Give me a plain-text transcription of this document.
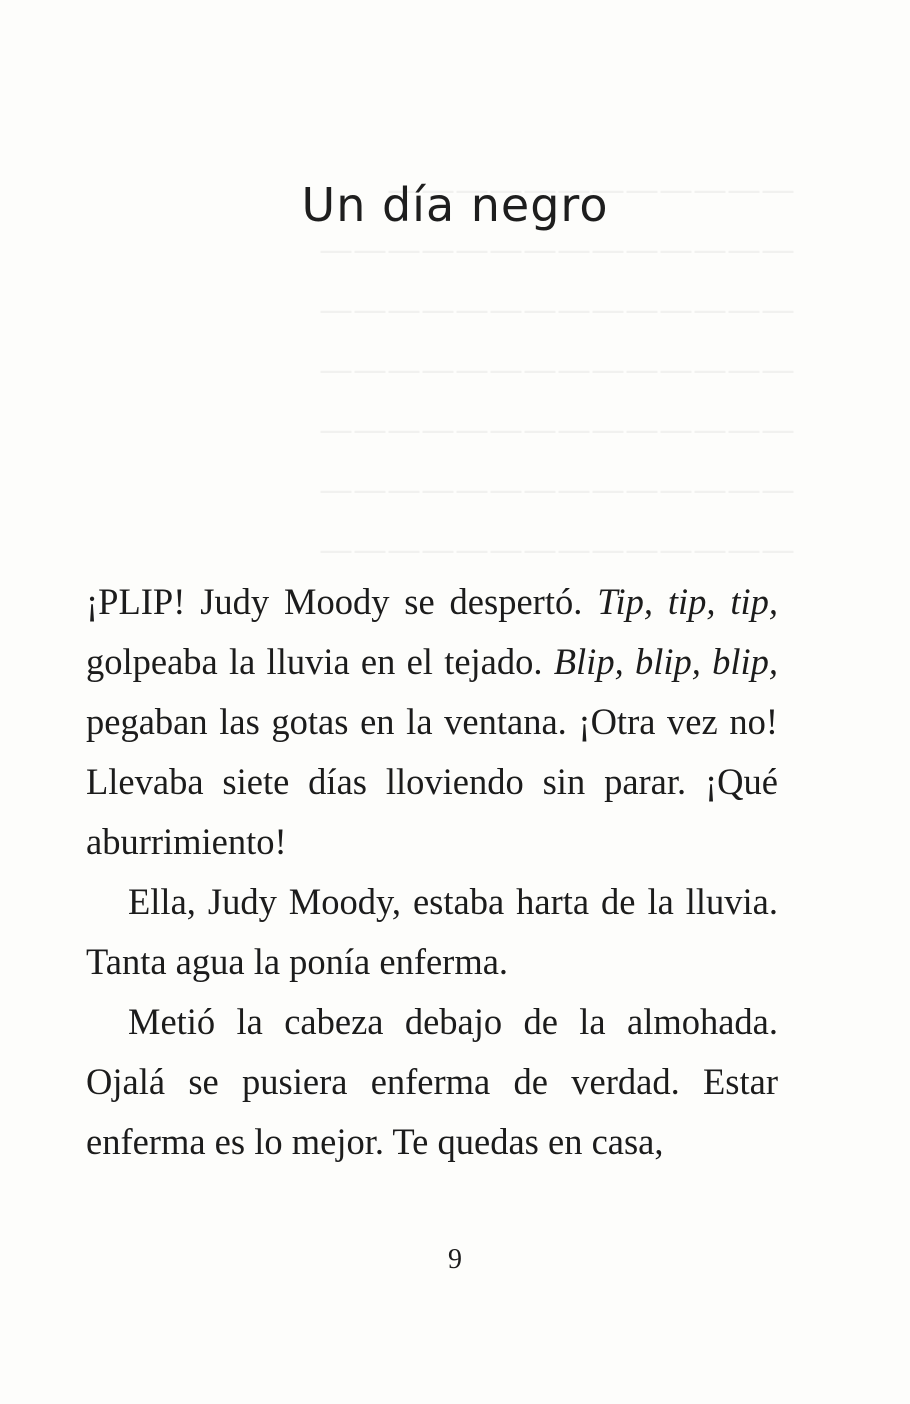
Un día negro

¡PLIP! Judy Moody se despertó. Tip, tip, tip, golpeaba la lluvia en el tejado. Blip, blip, blip, pegaban las gotas en la ventana. ¡Otra vez no! Llevaba siete días lloviendo sin parar. ¡Qué aburrimiento!

Ella, Judy Moody, estaba harta de la lluvia. Tanta agua la ponía enferma.

Metió la cabeza debajo de la almohada. Ojalá se pusiera enferma de verdad. Estar enferma es lo mejor. Te quedas en casa,

9
